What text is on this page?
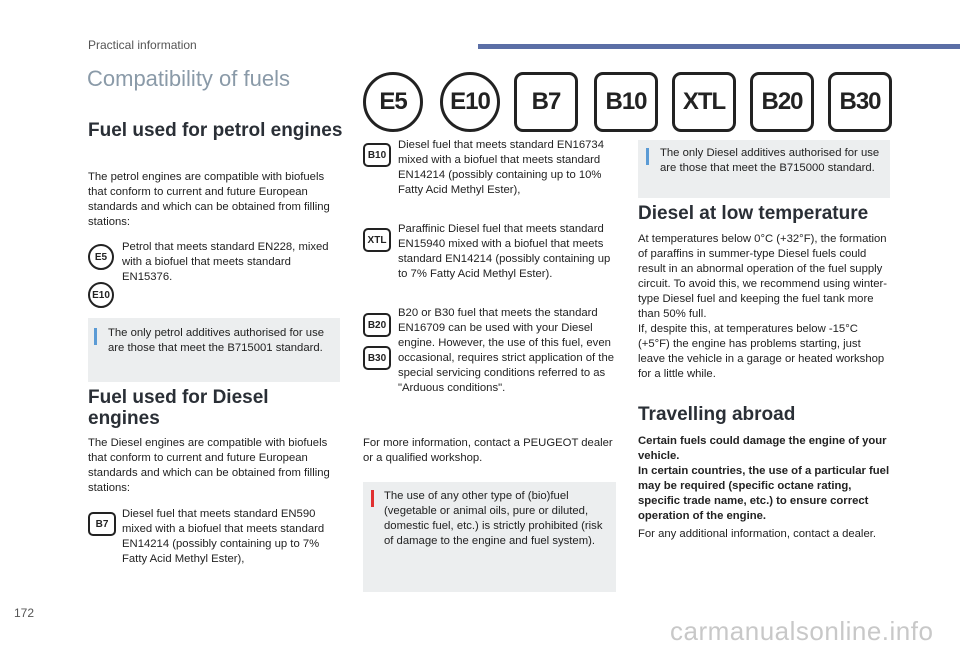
Practical information
Compatibility of fuels
E5	E10	B7	B10	XTL	B20	B30
Fuel used for petrol engines
The petrol engines are compatible with biofuels that conform to current and future European standards and which can be obtained from filling stations:
E5
E10
Petrol that meets standard EN228, mixed with a biofuel that meets standard EN15376.
The only petrol additives authorised for use are those that meet the B715001 standard.
Fuel used for Diesel engines
The Diesel engines are compatible with biofuels that conform to current and future European standards and which can be obtained from filling stations:
B7
Diesel fuel that meets standard EN590 mixed with a biofuel that meets standard EN14214 (possibly containing up to 7% Fatty Acid Methyl Ester),
B10
Diesel fuel that meets standard EN16734 mixed with a biofuel that meets standard EN14214 (possibly containing up to 10% Fatty Acid Methyl Ester),
XTL
Paraffinic Diesel fuel that meets standard EN15940 mixed with a biofuel that meets standard EN14214 (possibly containing up to 7% Fatty Acid Methyl Ester).
B20
B30
B20 or B30 fuel that meets the standard EN16709 can be used with your Diesel engine. However, the use of this fuel, even occasional, requires strict application of the special servicing conditions referred to as "Arduous conditions".
For more information, contact a PEUGEOT dealer or a qualified workshop.
The use of any other type of (bio)fuel (vegetable or animal oils, pure or diluted, domestic fuel, etc.) is strictly prohibited (risk of damage to the engine and fuel system).
The only Diesel additives authorised for use are those that meet the B715000 standard.
Diesel at low temperature
At temperatures below 0°C (+32°F), the formation of paraffins in summer-type Diesel fuels could result in an abnormal operation of the fuel supply circuit. To avoid this, we recommend using winter-type Diesel fuel and keeping the fuel tank more than 50% full.
If, despite this, at temperatures below -15°C (+5°F) the engine has problems starting, just leave the vehicle in a garage or heated workshop for a little while.
Travelling abroad
Certain fuels could damage the engine of your vehicle.
In certain countries, the use of a particular fuel may be required (specific octane rating, specific trade name, etc.) to ensure correct operation of the engine.
For any additional information, contact a dealer.
172
carmanualsonline.info
